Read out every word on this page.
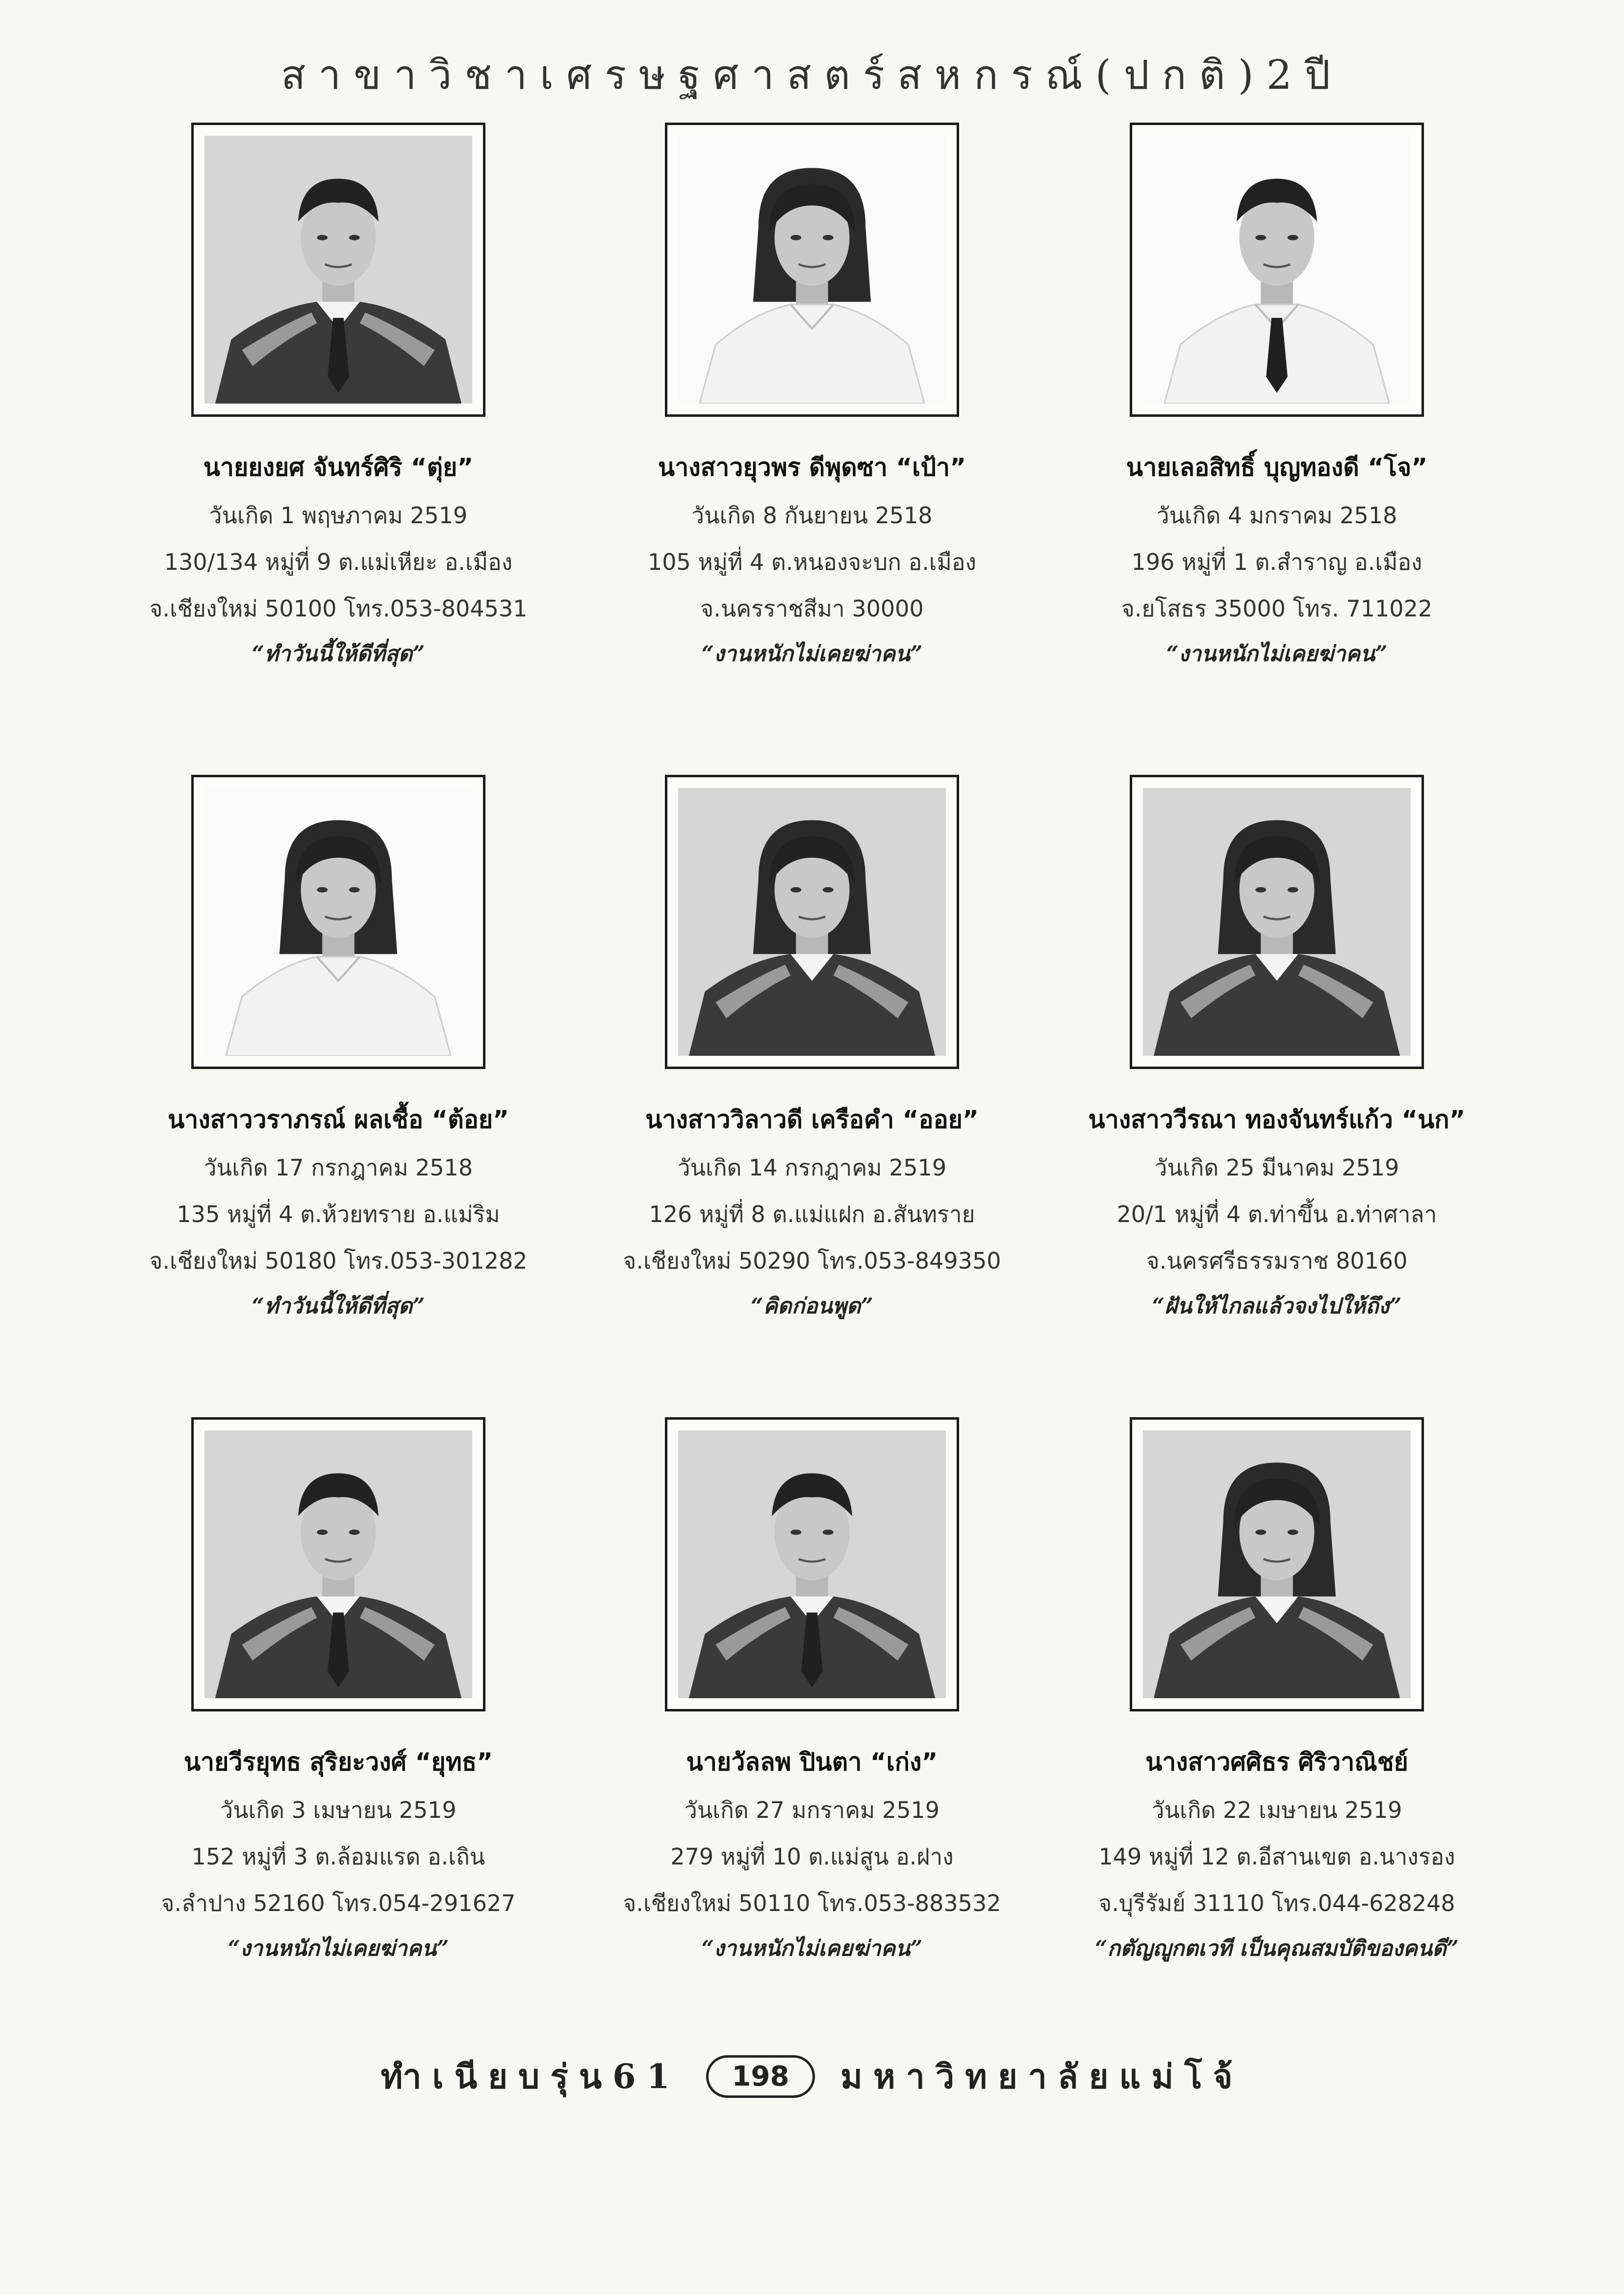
สาขาวิชาเศรษฐศาสตร์สหกรณ์(ปกติ)2ปี
นายยงยศ จันทร์ศิริ “ตุ่ย”
วันเกิด 1 พฤษภาคม 2519
130/134 หมู่ที่ 9 ต.แม่เหียะ อ.เมือง
จ.เชียงใหม่ 50100 โทร.053-804531
“ทำวันนี้ให้ดีที่สุด”
นางสาวยุวพร ดีพุดซา “เป้า”
วันเกิด 8 กันยายน 2518
105 หมู่ที่ 4 ต.หนองจะบก อ.เมือง
จ.นครราชสีมา 30000
“งานหนักไม่เคยฆ่าคน”
นายเลอสิทธิ์ บุญทองดี “โจ”
วันเกิด 4 มกราคม 2518
196 หมู่ที่ 1 ต.สำราญ อ.เมือง
จ.ยโสธร 35000 โทร. 711022
“งานหนักไม่เคยฆ่าคน”
นางสาววราภรณ์ ผลเชื้อ “ต้อย”
วันเกิด 17 กรกฎาคม 2518
135 หมู่ที่ 4 ต.ห้วยทราย อ.แม่ริม
จ.เชียงใหม่ 50180 โทร.053-301282
“ทำวันนี้ให้ดีที่สุด”
นางสาววิลาวดี เครือคำ “ออย”
วันเกิด 14 กรกฎาคม 2519
126 หมู่ที่ 8 ต.แม่แฝก อ.สันทราย
จ.เชียงใหม่ 50290 โทร.053-849350
“คิดก่อนพูด”
นางสาววีรณา ทองจันทร์แก้ว “นก”
วันเกิด 25 มีนาคม 2519
20/1 หมู่ที่ 4 ต.ท่าขึ้น อ.ท่าศาลา
จ.นครศรีธรรมราช 80160
“ฝันให้ไกลแล้วจงไปให้ถึง”
นายวีรยุทธ สุริยะวงศ์ “ยุทธ”
วันเกิด 3 เมษายน 2519
152 หมู่ที่ 3 ต.ล้อมแรด อ.เถิน
จ.ลำปาง 52160 โทร.054-291627
“งานหนักไม่เคยฆ่าคน”
นายวัลลพ ปินตา “เก่ง”
วันเกิด 27 มกราคม 2519
279 หมู่ที่ 10 ต.แม่สูน อ.ฝาง
จ.เชียงใหม่ 50110 โทร.053-883532
“งานหนักไม่เคยฆ่าคน”
นางสาวศศิธร ศิริวาณิชย์
วันเกิด 22 เมษายน 2519
149 หมู่ที่ 12 ต.อีสานเขต อ.นางรอง
จ.บุรีรัมย์ 31110 โทร.044-628248
“กตัญญูกตเวที เป็นคุณสมบัติของคนดี”
ทำเนียบรุ่น61 198 มหาวิทยาลัยแม่โจ้
